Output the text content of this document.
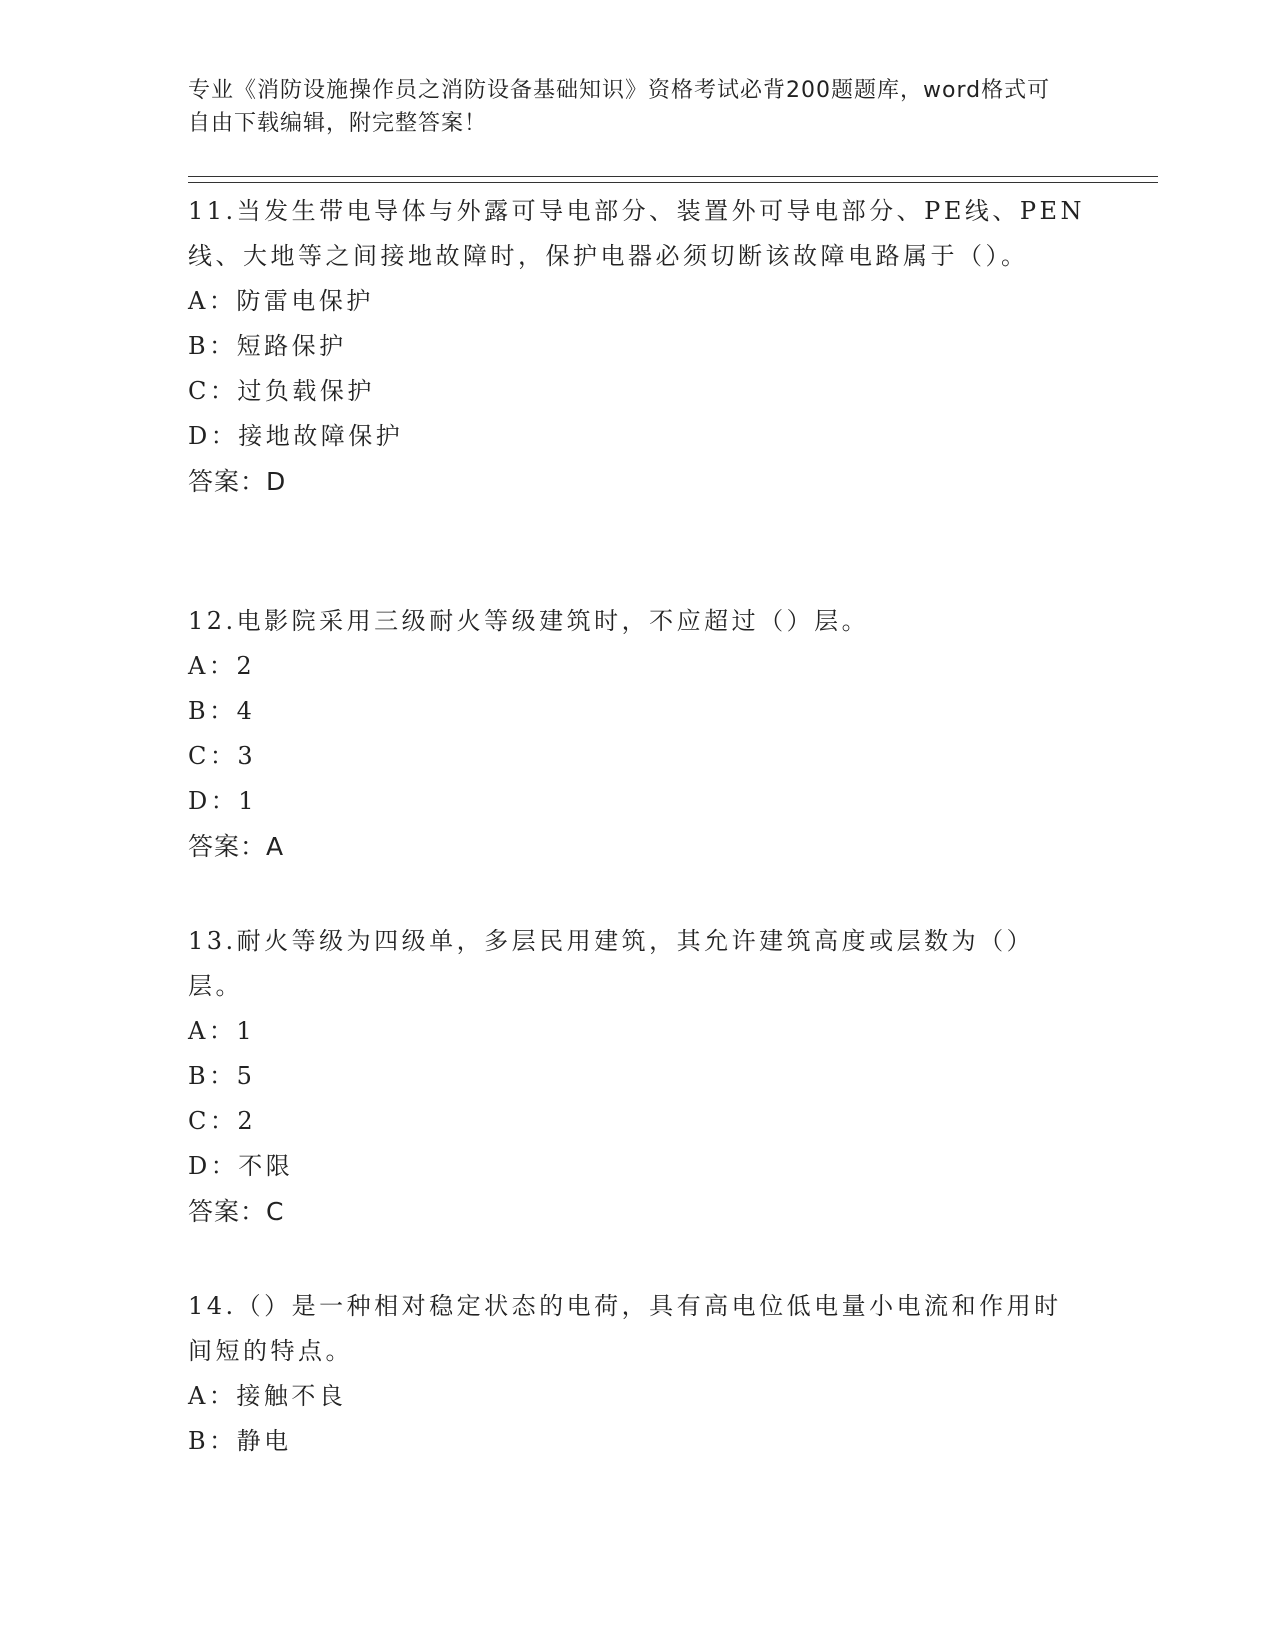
专业《消防设施操作员之消防设备基础知识》资格考试必背200题题库，word格式可自由下载编辑，附完整答案！
11.当发生带电导体与外露可导电部分、装置外可导电部分、PE线、PEN线、大地等之间接地故障时，保护电器必须切断该故障电路属于（）。
A：防雷电保护
B：短路保护
C：过负载保护
D：接地故障保护
答案：D
12.电影院采用三级耐火等级建筑时，不应超过（）层。
A：2
B：4
C：3
D：1
答案：A
13.耐火等级为四级单，多层民用建筑，其允许建筑高度或层数为（）层。
A：1
B：5
C：2
D：不限
答案：C
14.（）是一种相对稳定状态的电荷，具有高电位低电量小电流和作用时间短的特点。
A：接触不良
B：静电
